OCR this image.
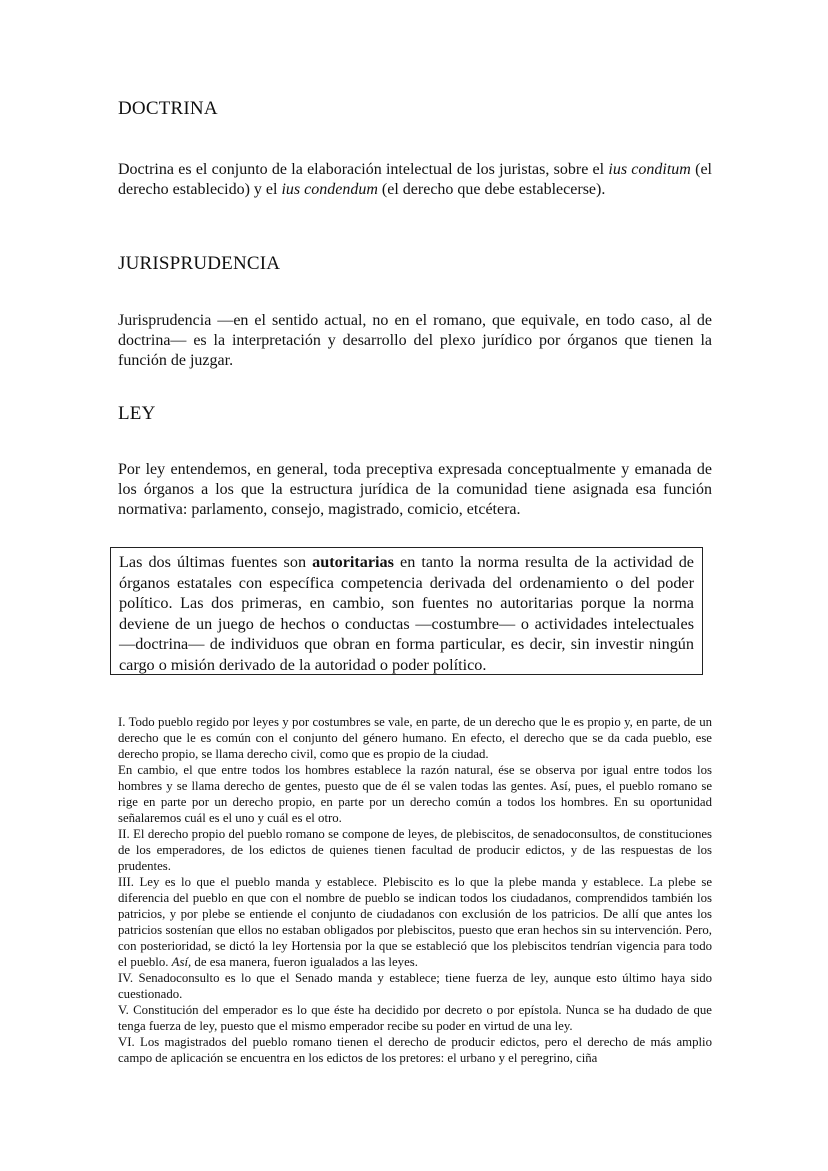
DOCTRINA

Doctrina es el conjunto de la elaboración intelectual de los juristas, sobre el ius conditum (el derecho establecido) y el ius condendum (el derecho que debe establecerse).

JURISPRUDENCIA

Jurisprudencia —en el sentido actual, no en el romano, que equivale, en todo caso, al de doctrina— es la interpretación y desarrollo del plexo jurídico por órganos que tienen la función de juzgar.

LEY

Por ley entendemos, en general, toda preceptiva expresada conceptualmente y emanada de los órganos a los que la estructura jurídica de la comunidad tiene asignada esa función normativa: parlamento, consejo, magistrado, comicio, etcétera.

Las dos últimas fuentes son autoritarias en tanto la norma resulta de la actividad de órganos estatales con específica competencia derivada del ordenamiento o del poder político. Las dos primeras, en cambio, son fuentes no autoritarias porque la norma deviene de un juego de hechos o conductas —costumbre— o actividades intelectuales —doctrina— de individuos que obran en forma particular, es decir, sin investir ningún cargo o misión derivado de la autoridad o poder político.

I. Todo pueblo regido por leyes y por costumbres se vale, en parte, de un derecho que le es propio y, en parte, de un derecho que le es común con el conjunto del género humano. En efecto, el derecho que se da cada pueblo, ese derecho propio, se llama derecho civil, como que es propio de la ciudad.

En cambio, el que entre todos los hombres establece la razón natural, ése se observa por igual entre todos los hombres y se llama derecho de gentes, puesto que de él se valen todas las gentes. Así, pues, el pueblo romano se rige en parte por un derecho propio, en parte por un derecho común a todos los hombres. En su oportunidad señalaremos cuál es el uno y cuál es el otro.

II. El derecho propio del pueblo romano se compone de leyes, de plebiscitos, de senadoconsultos, de constituciones de los emperadores, de los edictos de quienes tienen facultad de producir edictos, y de las respuestas de los prudentes.

III. Ley es lo que el pueblo manda y establece. Plebiscito es lo que la plebe manda y establece. La plebe se diferencia del pueblo en que con el nombre de pueblo se indican todos los ciudadanos, comprendidos también los patricios, y por plebe se entiende el conjunto de ciudadanos con exclusión de los patricios. De allí que antes los patricios sostenían que ellos no estaban obligados por plebiscitos, puesto que eran hechos sin su intervención. Pero, con posterioridad, se dictó la ley Hortensia por la que se estableció que los plebiscitos tendrían vigencia para todo el pueblo. Así, de esa manera, fueron igualados a las leyes.

IV. Senadoconsulto es lo que el Senado manda y establece; tiene fuerza de ley, aunque esto último haya sido cuestionado.

V. Constitución del emperador es lo que éste ha decidido por decreto o por epístola. Nunca se ha dudado de que tenga fuerza de ley, puesto que el mismo emperador recibe su poder en virtud de una ley.

VI. Los magistrados del pueblo romano tienen el derecho de producir edictos, pero el derecho de más amplio campo de aplicación se encuentra en los edictos de los pretores: el urbano y el peregrino, ciña
